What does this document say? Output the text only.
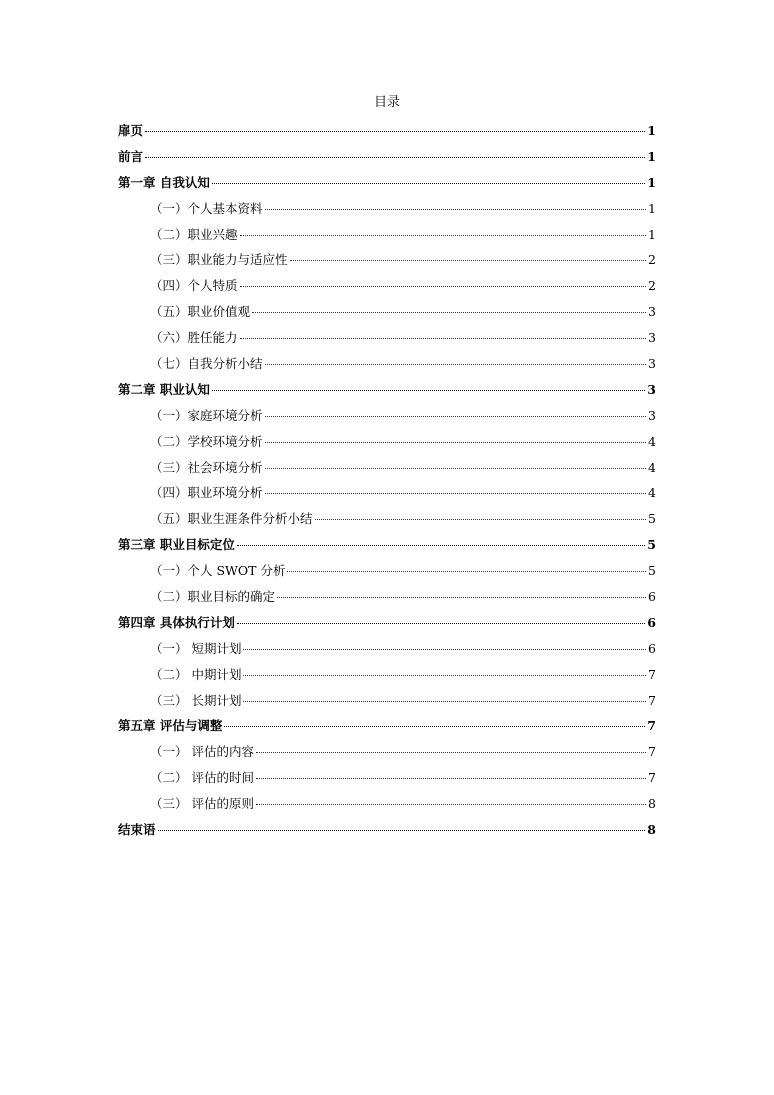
目录
扉页	1
前言	1
第一章 自我认知	1
（一）个人基本资料	1
（二）职业兴趣	1
（三）职业能力与适应性	2
（四）个人特质	2
（五）职业价值观	3
（六）胜任能力	3
（七）自我分析小结	3
第二章 职业认知	3
（一）家庭环境分析	3
（二）学校环境分析	4
（三）社会环境分析	4
（四）职业环境分析	4
（五）职业生涯条件分析小结	5
第三章 职业目标定位	5
（一）个人 SWOT 分析	5
（二）职业目标的确定	6
第四章 具体执行计划	6
（一） 短期计划	6
（二） 中期计划	7
（三） 长期计划	7
第五章 评估与调整	7
（一） 评估的内容	7
（二） 评估的时间	7
（三） 评估的原则	8
结束语	8
